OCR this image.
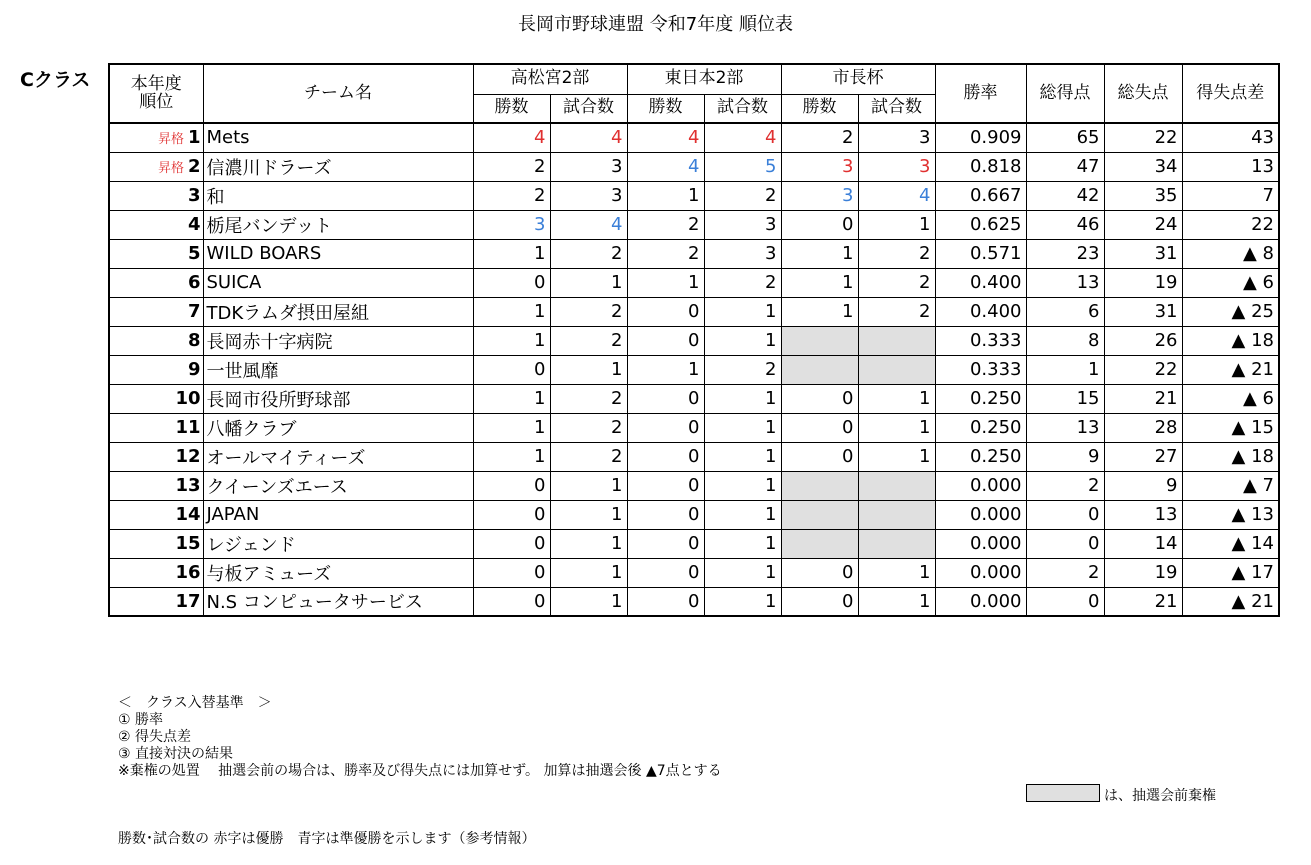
長岡市野球連盟 令和7年度 順位表
Cクラス 本年度
順位	チーム名	高松宮2部		東日本2部		市長杯		勝率	総得点	総失点	得失点差
		勝数	試合数	勝数	試合数	勝数	試合数				
昇格 1	Mets	4	4	4	4	2	3	0.909	65	22	43
昇格 2	信濃川ドラーズ	2	3	4	5	3	3	0.818	47	34	13
3	和	2	3	1	2	3	4	0.667	42	35	7
4	栃尾バンデット	3	4	2	3	0	1	0.625	46	24	22
5	WILD BOARS	1	2	2	3	1	2	0.571	23	31	▲ 8
6	SUICA	0	1	1	2	1	2	0.400	13	19	▲ 6
7	TDKラムダ摂田屋組	1	2	0	1	1	2	0.400	6	31	▲ 25
8	長岡赤十字病院	1	2	0	1			0.333	8	26	▲ 18
9	一世風靡	0	1	1	2			0.333	1	22	▲ 21
10	長岡市役所野球部	1	2	0	1	0	1	0.250	15	21	▲ 6
11	八幡クラブ	1	2	0	1	0	1	0.250	13	28	▲ 15
12	オールマイティーズ	1	2	0	1	0	1	0.250	9	27	▲ 18
13	クイーンズエース	0	1	0	1			0.000	2	9	▲ 7
14	JAPAN	0	1	0	1			0.000	0	13	▲ 13
15	レジェンド	0	1	0	1			0.000	0	14	▲ 14
16	与板アミューズ	0	1	0	1	0	1	0.000	2	19	▲ 17
17	N.S コンピュータサービス	0	1	0	1	0	1	0.000	0	21	▲ 21
＜　クラス入替基準　＞
① 勝率
② 得失点差
③ 直接対決の結果
※棄権の処置　 抽選会前の場合は、勝率及び得失点には加算せず。 加算は抽選会後 ▲7点とする
は、抽選会前棄権
勝数･試合数の 赤字は優勝　青字は準優勝を示します（参考情報）
